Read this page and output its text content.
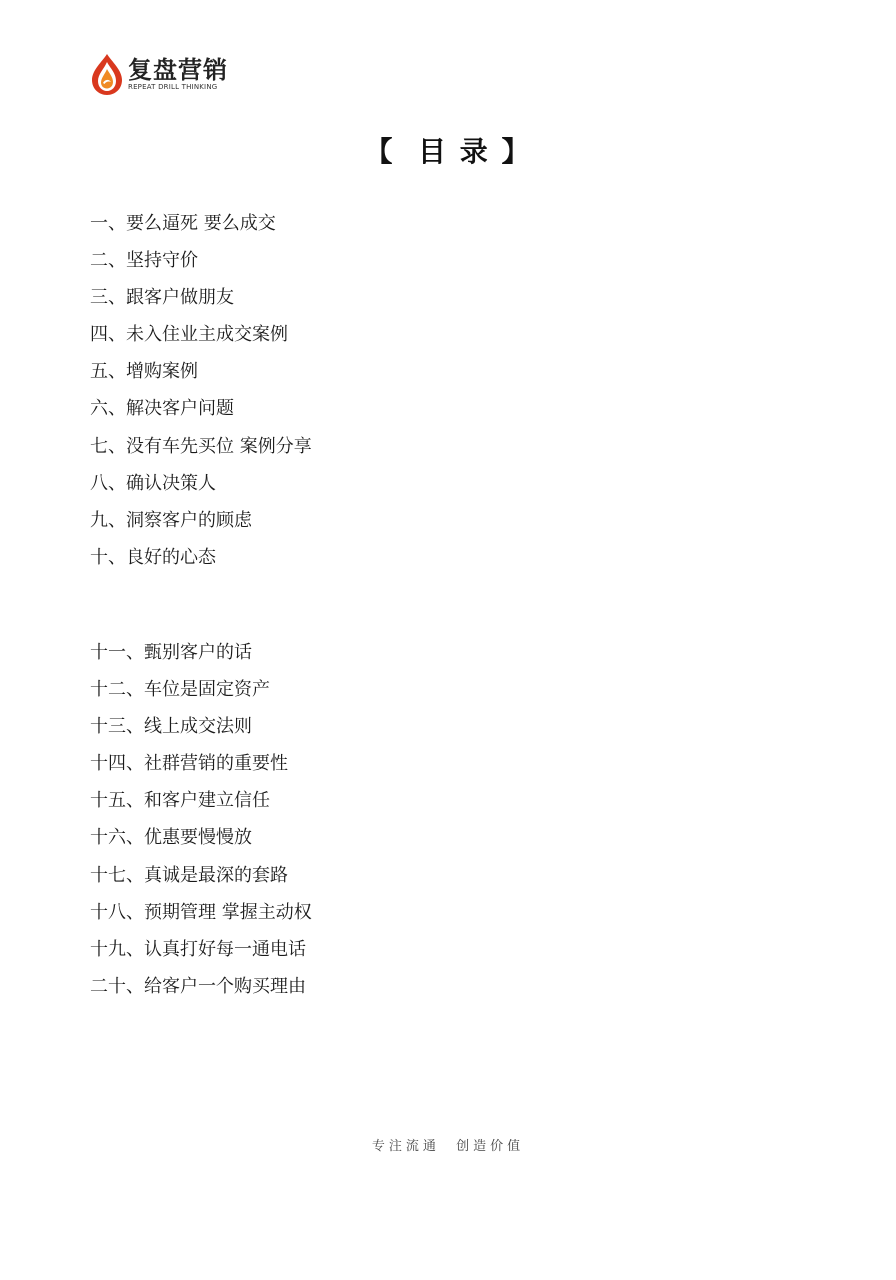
复盘营销
REPEAT DRILL THINKING
【  目 录 】
一、要么逼死 要么成交
二、坚持守价
三、跟客户做朋友
四、未入住业主成交案例
五、增购案例
六、解决客户问题
七、没有车先买位 案例分享
八、确认决策人
九、洞察客户的顾虑
十、良好的心态
十一、甄别客户的话
十二、车位是固定资产
十三、线上成交法则
十四、社群营销的重要性
十五、和客户建立信任
十六、优惠要慢慢放
十七、真诚是最深的套路
十八、预期管理 掌握主动权
十九、认真打好每一通电话
二十、给客户一个购买理由
专注流通  创造价值
